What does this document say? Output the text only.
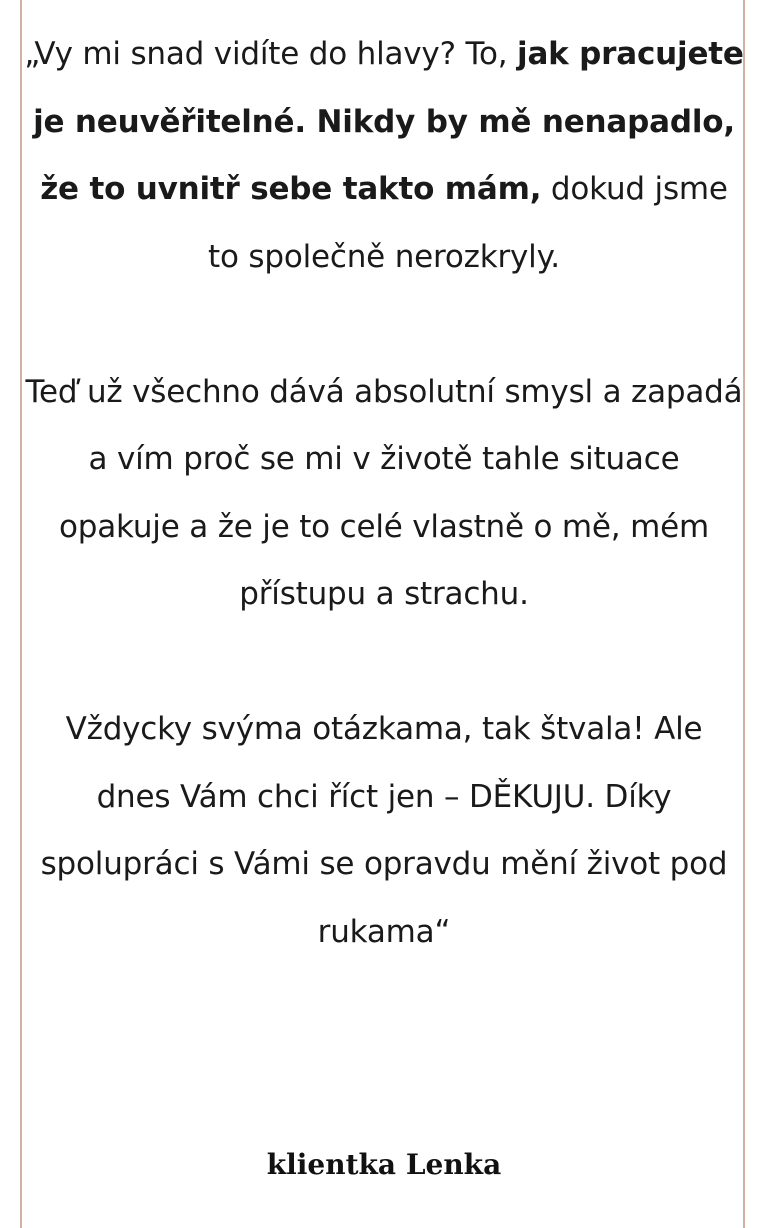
„Vy mi snad vidíte do hlavy? To, jak pracujete je neuvěřitelné. Nikdy by mě nenapadlo, že to uvnitř sebe takto mám, dokud jsme to společně nerozkryly.

Teď už všechno dává absolutní smysl a zapadá a vím proč se mi v životě tahle situace opakuje a že je to celé vlastně o mě, mém přístupu a strachu.

Vždycky svýma otázkama, tak štvala! Ale dnes Vám chci říct jen – DĚKUJU. Díky spolupráci s Vámi se opravdu mění život pod rukama“

klientka Lenka
